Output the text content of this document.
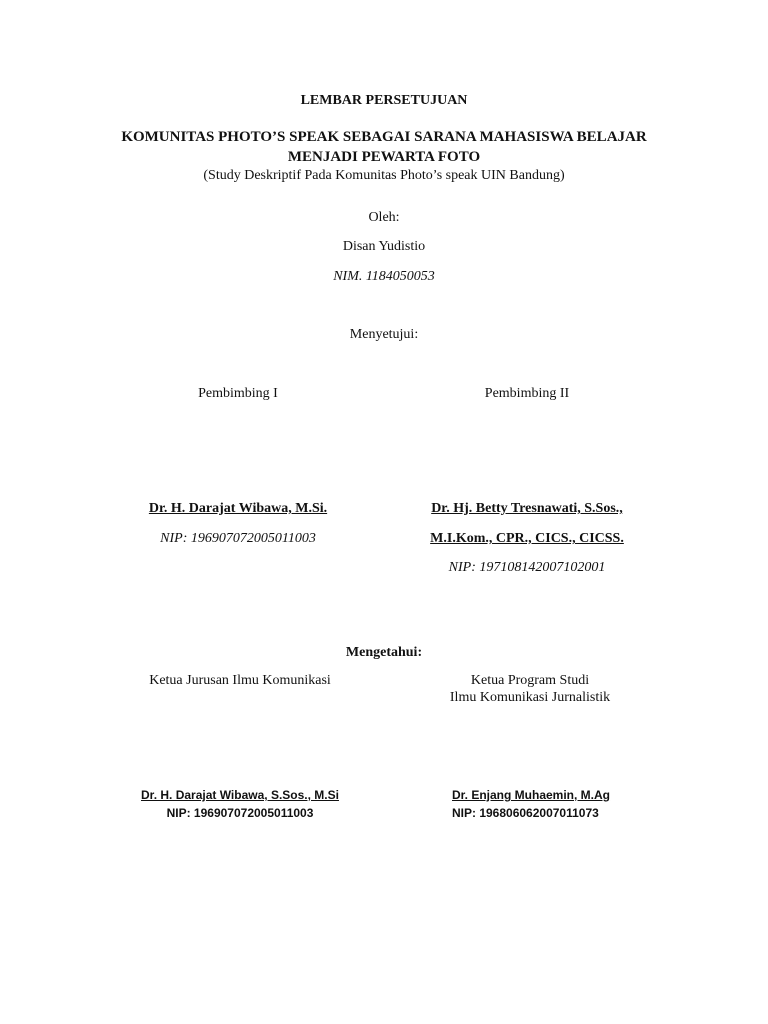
LEMBAR PERSETUJUAN
KOMUNITAS PHOTO’S SPEAK SEBAGAI SARANA MAHASISWA BELAJAR
MENJADI PEWARTA FOTO
(Study Deskriptif Pada Komunitas Photo’s speak UIN Bandung)
Oleh:
Disan Yudistio
NIM. 1184050053
Menyetujui:
Pembimbing I	Pembimbing II
Dr. H. Darajat Wibawa, M.Si.
NIP: 196907072005011003
Dr. Hj. Betty Tresnawati, S.Sos.,
M.I.Kom., CPR., CICS., CICSS.
NIP: 197108142007102001
Mengetahui:
Ketua Jurusan Ilmu Komunikasi	Ketua Program Studi
Ilmu Komunikasi Jurnalistik
Dr. H. Darajat Wibawa, S.Sos., M.Si
NIP: 196907072005011003
Dr. Enjang Muhaemin, M.Ag
NIP: 196806062007011073
